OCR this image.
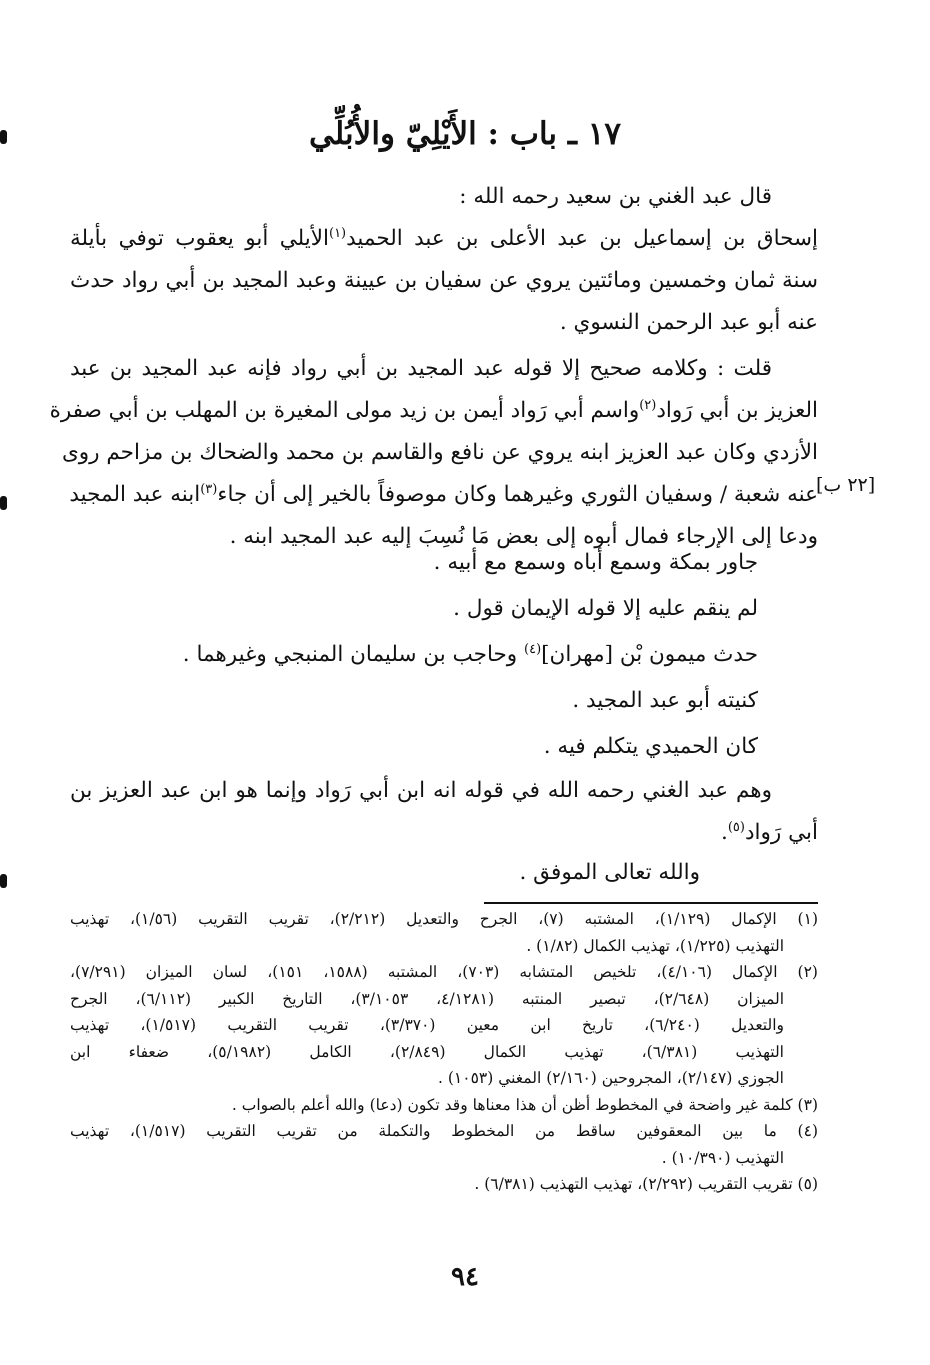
١٧ ـ باب : الأَيْلِيّ والأُبُلِّي
قال عبد الغني بن سعيد رحمه الله :
إسحاق بن إسماعيل بن عبد الأعلى بن عبد الحميد$^{(١)}$الأيلي أبو يعقوب توفي بأيلة
سنة ثمان وخمسين ومائتين يروي عن سفيان بن عيينة وعبد المجيد بن أبي رواد حدث
عنه أبو عبد الرحمن النسوي .
قلت : وكلامه صحيح إلا قوله عبد المجيد بن أبي رواد فإنه عبد المجيد بن عبد
العزيز بن أبي رَواد$^{(٢)}$واسم أبي رَواد أيمن بن زيد مولى المغيرة بن المهلب بن أبي صفرة
الأزدي وكان عبد العزيز ابنه يروي عن نافع والقاسم بن محمد والضحاك بن مزاحم روى
عنه شعبة / وسفيان الثوري وغيرهما وكان موصوفاً بالخير إلى أن جاء$^{(٣)}$ابنه عبد المجيد
ودعا إلى الإرجاء فمال أبوه إلى بعض مَا نُسِبَ إليه عبد المجيد ابنه .
[٢٢ ب]
جاور بمكة وسمع أباه وسمع مع أبيه .
لم ينقم عليه إلا قوله الإيمان قول .
حدث ميمون بْن [مهران]$^{(٤)}$ وحاجب بن سليمان المنبجي وغيرهما .
كنيته أبو عبد المجيد .
كان الحميدي يتكلم فيه .
وهم عبد الغني رحمه الله في قوله انه ابن أبي رَواد وإنما هو ابن عبد العزيز بن
أبي رَواد$^{(٥)}$.
والله تعالى الموفق .
(١) الإكمال (١/١٢٩)، المشتبه (٧)، الجرح والتعديل (٢/٢١٢)، تقريب التقريب (١/٥٦)، تهذيب
التهذيب (١/٢٢٥)، تهذيب الكمال (١/٨٢) .
(٢) الإكمال (٤/١٠٦)، تلخيص المتشابه (٧٠٣)، المشتبه (١٥٨٨، ١٥١)، لسان الميزان (٧/٢٩١)،
الميزان (٢/٦٤٨)، تبصير المنتبه (٤/١٢٨١، ٣/١٠٥٣)، التاريخ الكبير (٦/١١٢)، الجرح
والتعديل (٦/٢٤٠)، تاريخ ابن معين (٣/٣٧٠)، تقريب التقريب (١/٥١٧)، تهذيب
التهذيب (٦/٣٨١)، تهذيب الكمال (٢/٨٤٩)، الكامل (٥/١٩٨٢)، ضعفاء ابن
الجوزي (٢/١٤٧)، المجروحين (٢/١٦٠) المغني (١٠٥٣) .
(٣) كلمة غير واضحة في المخطوط أظن أن هذا معناها وقد تكون (دعا) والله أعلم بالصواب .
(٤) ما بين المعقوفين ساقط من المخطوط والتكملة من تقريب التقريب (١/٥١٧)، تهذيب
التهذيب (١٠/٣٩٠) .
(٥) تقريب التقريب (٢/٢٩٢)، تهذيب التهذيب (٦/٣٨١) .
٩٤
